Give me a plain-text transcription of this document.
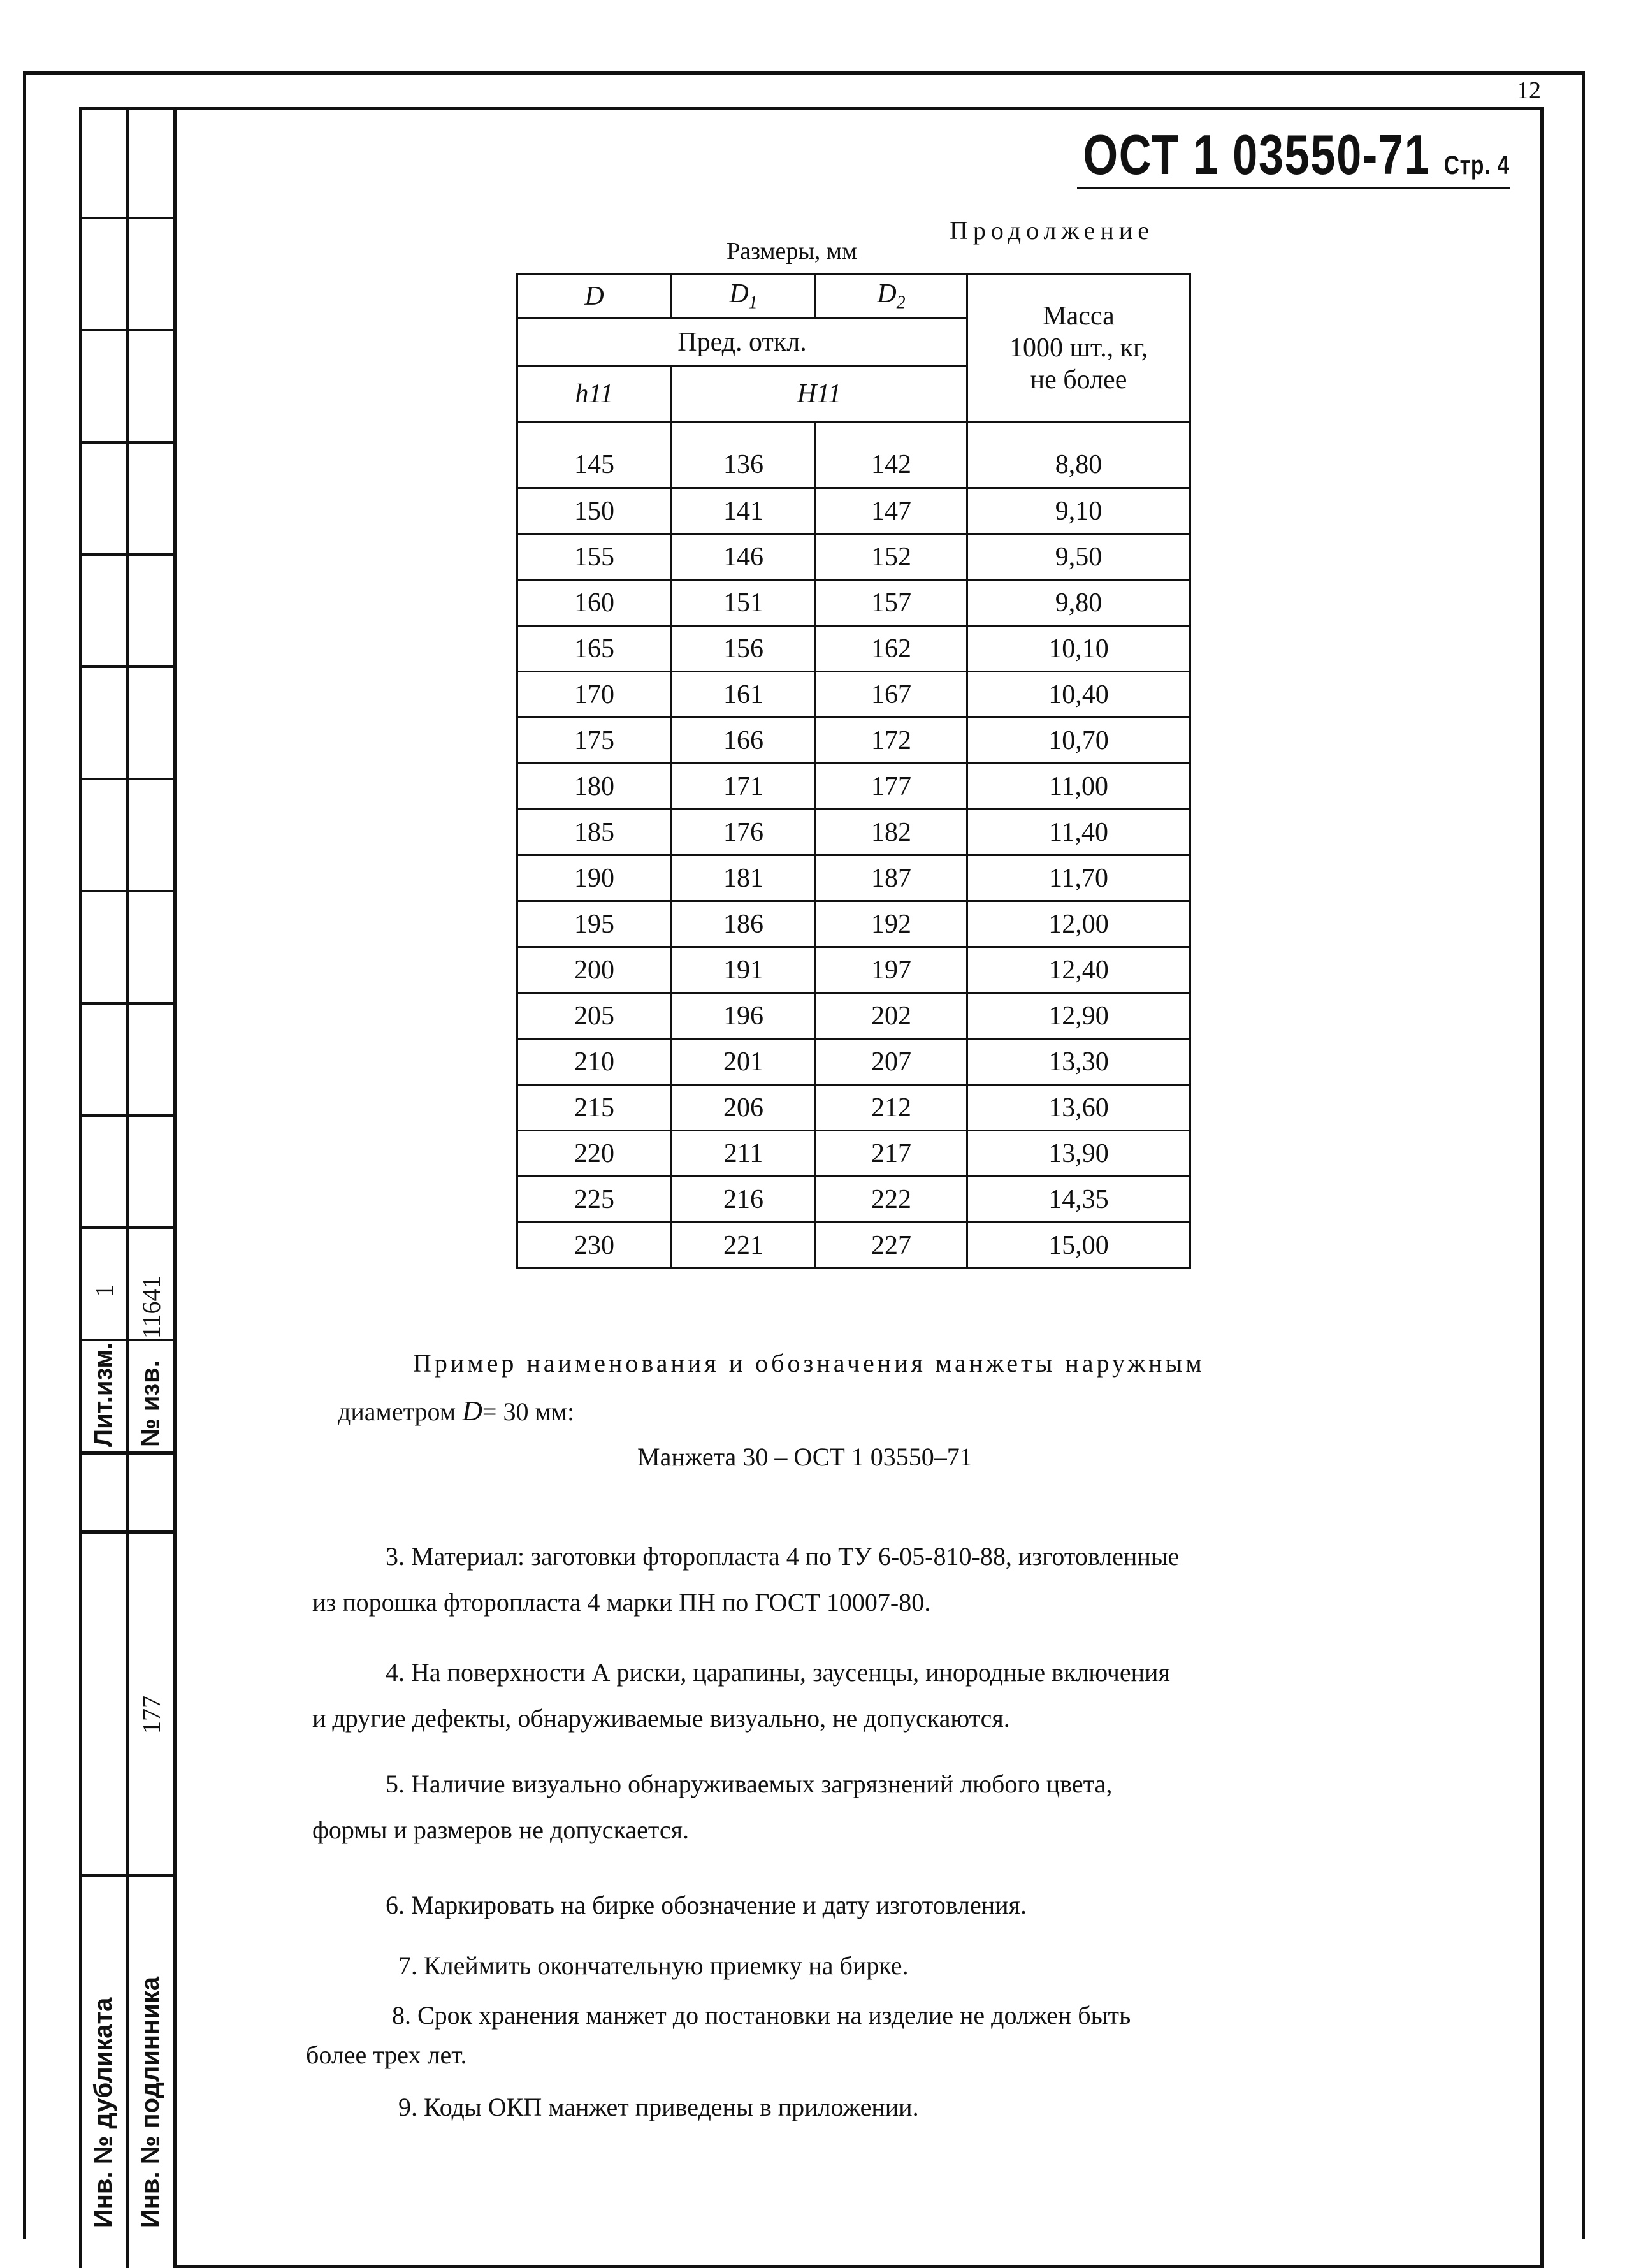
12
Лит.изм.
1
№ изв.
11641
Инв. № дубликата Инв. № подлинника
177
ОСТ 1 03550-71 Стр. 4
Продолжение
Размеры, мм
D	$D_1$	$D_2$	Масса
1000 шт., кг,
не более

Пред. откл.			
h11	H11		
145	136	142	8,80
150	141	147	9,10
155	146	152	9,50
160	151	157	9,80
165	156	162	10,10
170	161	167	10,40
175	166	172	10,70
180	171	177	11,00
185	176	182	11,40
190	181	187	11,70
195	186	192	12,00
200	191	197	12,40
205	196	202	12,90
210	201	207	13,30
215	206	212	13,60
220	211	217	13,90
225	216	222	14,35
230	221	227	15,00
Пример наименования и обозначения манжеты наружным
диаметром D= 30 мм:
Манжета 30 – ОСТ 1 03550–71
3. Материал: заготовки фторопласта 4 по ТУ 6-05-810-88, изготовленные
из порошка фторопласта 4 марки ПН по ГОСТ 10007-80.
4. На поверхности А риски, царапины, заусенцы, инородные включения
и другие дефекты, обнаруживаемые визуально, не допускаются.
5. Наличие визуально обнаруживаемых загрязнений любого цвета,
формы и размеров не допускается.
6. Маркировать на бирке обозначение и дату изготовления.
7. Клеймить окончательную приемку на бирке.
8. Срок хранения манжет до постановки на изделие не должен быть
более трех лет.
9. Коды ОКП манжет приведены в приложении.
